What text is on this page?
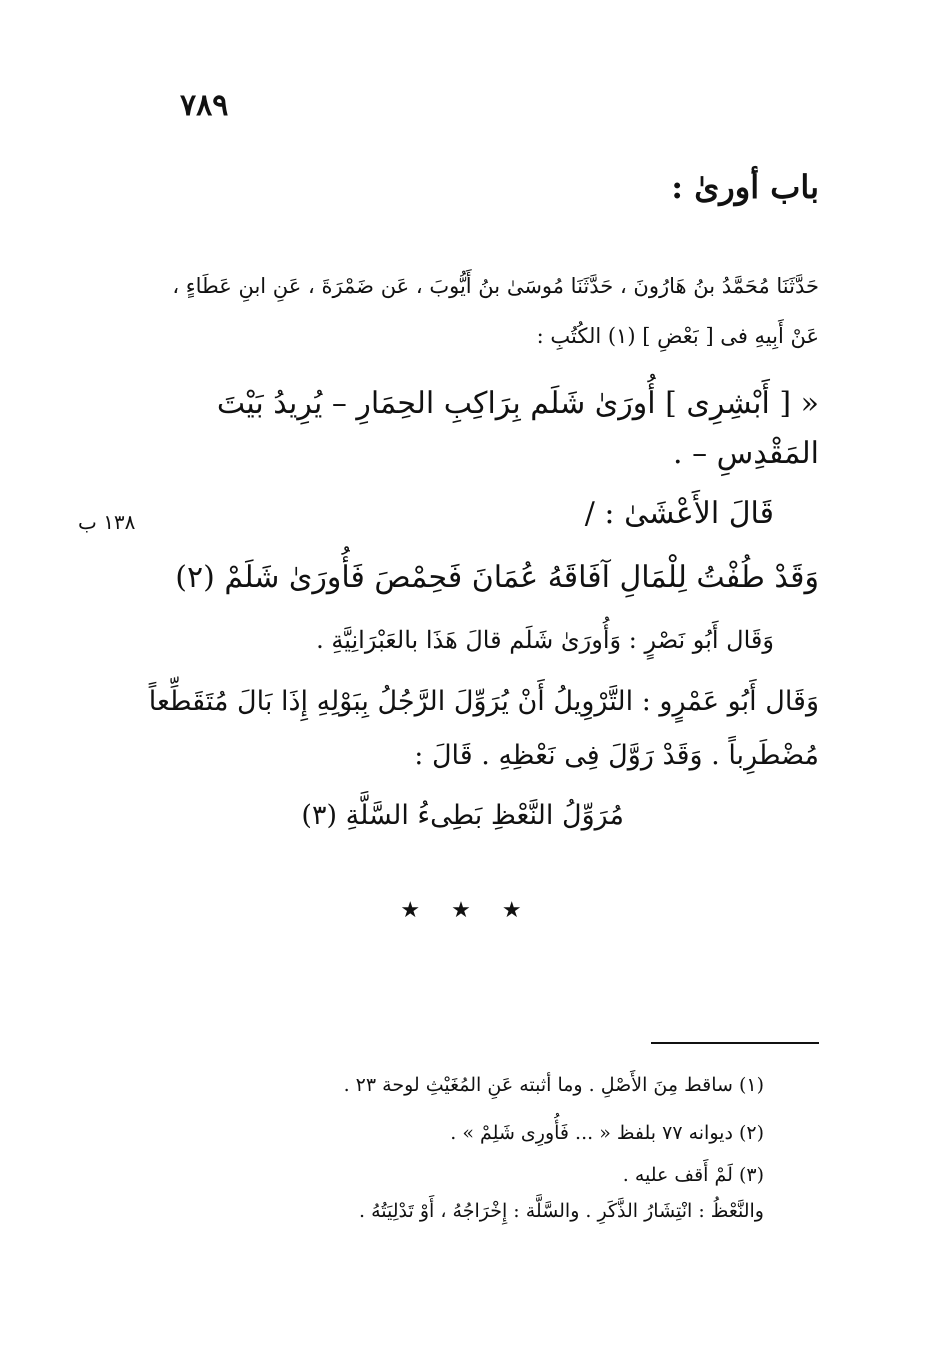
٧٨٩
باب أورىٰ :
حَدَّثَنَا مُحَمَّدُ بنُ هَارُونَ ، حَدَّثَنَا مُوسَىٰ بنُ أَيُّوبَ ، عَن ضَمْرَةَ ، عَنِ ابنِ عَطَاءٍ ،
عَنْ أَبِيهِ فى [ بَعْضِ ] (١) الكُتُبِ :
« [ أَبْشِرِى ] أُورَىٰ شَلَم بِرَاكِبِ الحِمَارِ – يُرِيدُ بَيْتَ
المَقْدِسِ – .
قَالَ الأَعْشَىٰ : /
١٣٨ ب
وَقَدْ طُفْتُ لِلْمَالِ آفَاقَهُ عُمَانَ فَحِمْصَ فَأُورَىٰ شَلَمْ (٢)
وَقَال أَبُو نَصْرٍ : وَأُورَىٰ شَلَم قالَ هَذَا بالعَبْرَانِيَّةِ .
وَقَال أَبُو عَمْرٍو : التَّرْوِيلُ أَنْ يُرَوِّلَ الرَّجُلُ بِبَوْلِهِ إِذَا بَالَ مُتَقَطِّعاً
مُضْطَرِباً . وَقَدْ رَوَّلَ فِى نَعْظِهِ . قَالَ :
مُرَوِّلُ النَّعْظِ بَطِىءُ السَّلَّةِ (٣)
★ ★ ★
(١) ساقط مِنَ الأَصْلِ . وما أثبته عَنِ المُغَيْثِ لوحة ٢٣ .
(٢) ديوانه ٧٧ بلفظ « ... فَأُورِى شَلِمْ » .
(٣) لَمْ أَقف عليه .
والنَّعْظُ : انْتِشَارُ الذَّكَرِ . والسَّلَّة : إِخْرَاجُهُ ، أَوْ تَدْلِيَتُهُ .
